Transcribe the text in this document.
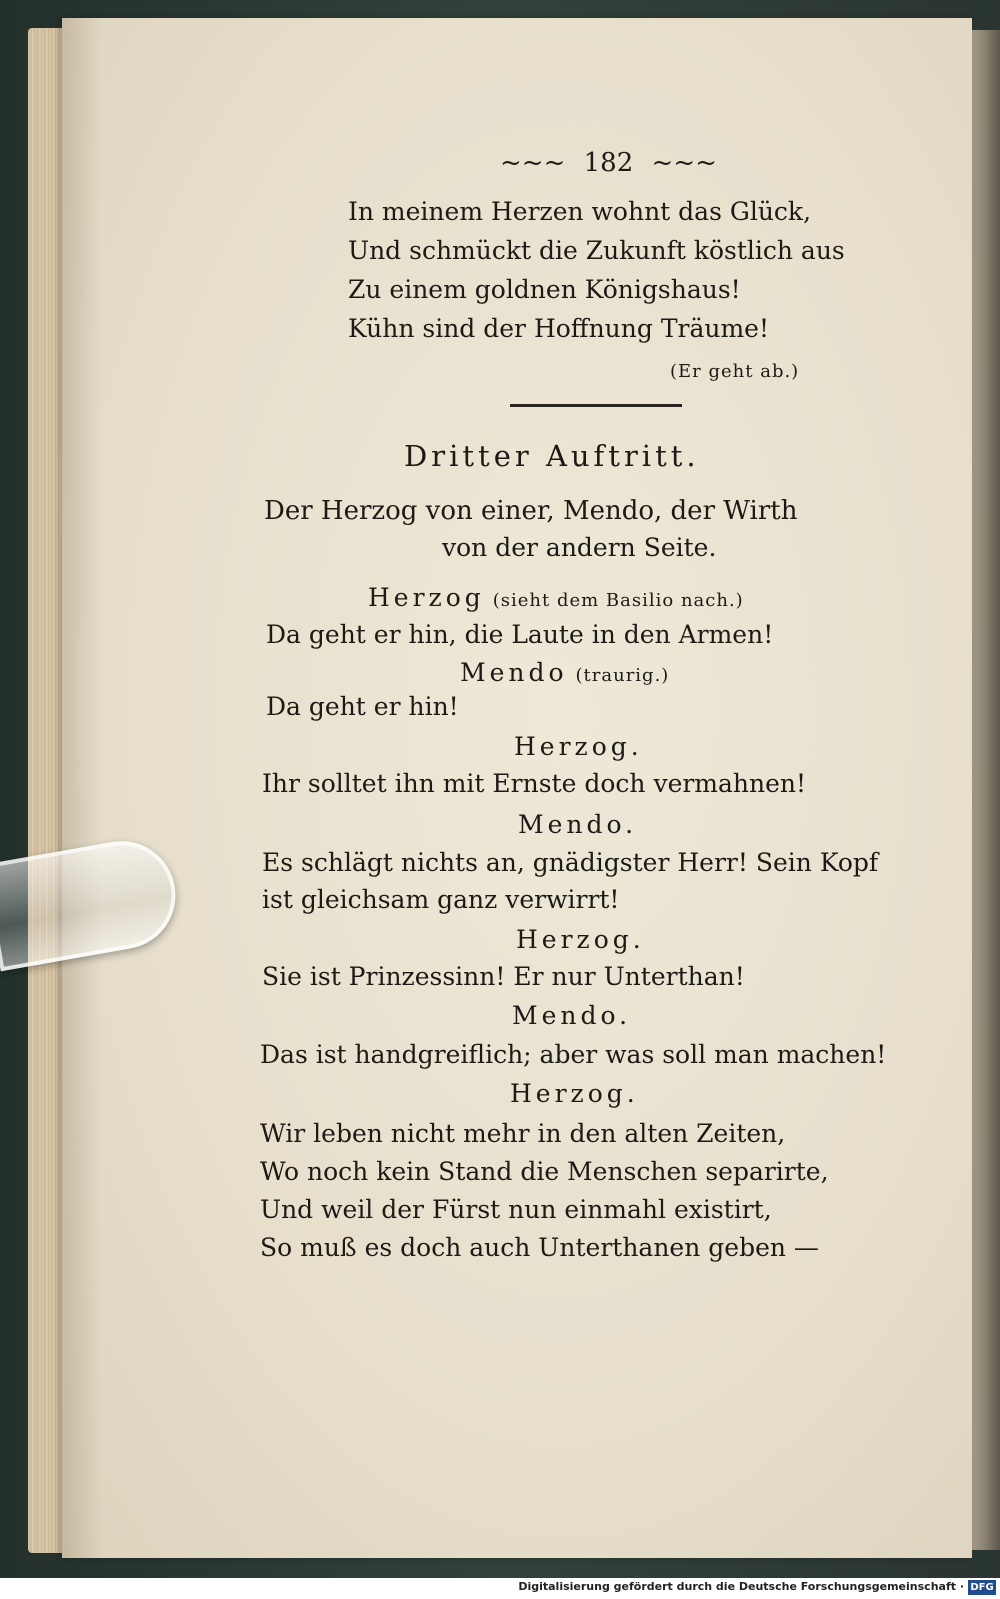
~~~ 182 ~~~
In meinem Herzen wohnt das Glück,
Und schmückt die Zukunft köstlich aus
Zu einem goldnen Königshaus!
Kühn sind der Hoffnung Träume!
(Er geht ab.)
Dritter Auftritt.
Der Herzog von einer, Mendo, der Wirth
von der andern Seite.
Herzog (sieht dem Basilio nach.)
Da geht er hin, die Laute in den Armen!
Mendo (traurig.)
Da geht er hin!
Herzog.
Ihr solltet ihn mit Ernste doch vermahnen!
Mendo.
Es schlägt nichts an, gnädigster Herr! Sein Kopf
ist gleichsam ganz verwirrt!
Herzog.
Sie ist Prinzessinn! Er nur Unterthan!
Mendo.
Das ist handgreiflich; aber was soll man machen!
Herzog.
Wir leben nicht mehr in den alten Zeiten,
Wo noch kein Stand die Menschen separirte,
Und weil der Fürst nun einmahl existirt,
So muß es doch auch Unterthanen geben —
Digitalisierung gefördert durch die Deutsche Forschungsgemeinschaft · DFG
